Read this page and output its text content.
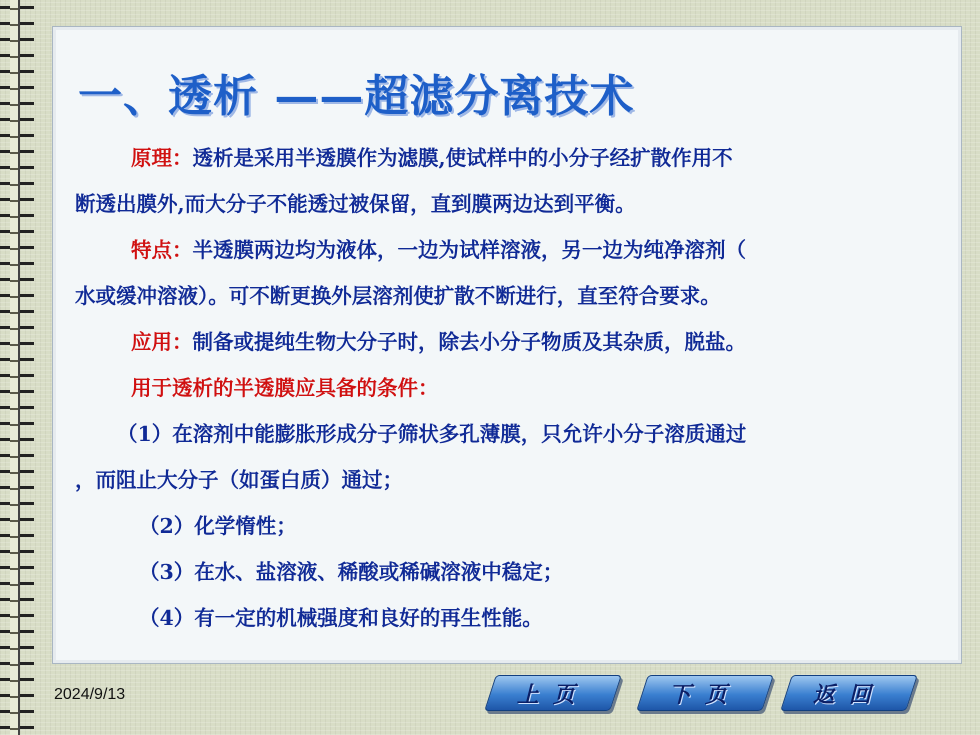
一、透析 ——超滤分离技术

原理：透析是采用半透膜作为滤膜,使试样中的小分子经扩散作用不

断透出膜外,而大分子不能透过被保留，直到膜两边达到平衡。

特点：半透膜两边均为液体，一边为试样溶液，另一边为纯净溶剂（

水或缓冲溶液）。可不断更换外层溶剂使扩散不断进行，直至符合要求。

应用：制备或提纯生物大分子时，除去小分子物质及其杂质，脱盐。

用于透析的半透膜应具备的条件：

（1）在溶剂中能膨胀形成分子筛状多孔薄膜，只允许小分子溶质通过

，而阻止大分子（如蛋白质）通过；

（2）化学惰性；

（3）在水、盐溶液、稀酸或稀碱溶液中稳定；

（4）有一定的机械强度和良好的再生性能。

2024/9/13	上页	下页	返回
